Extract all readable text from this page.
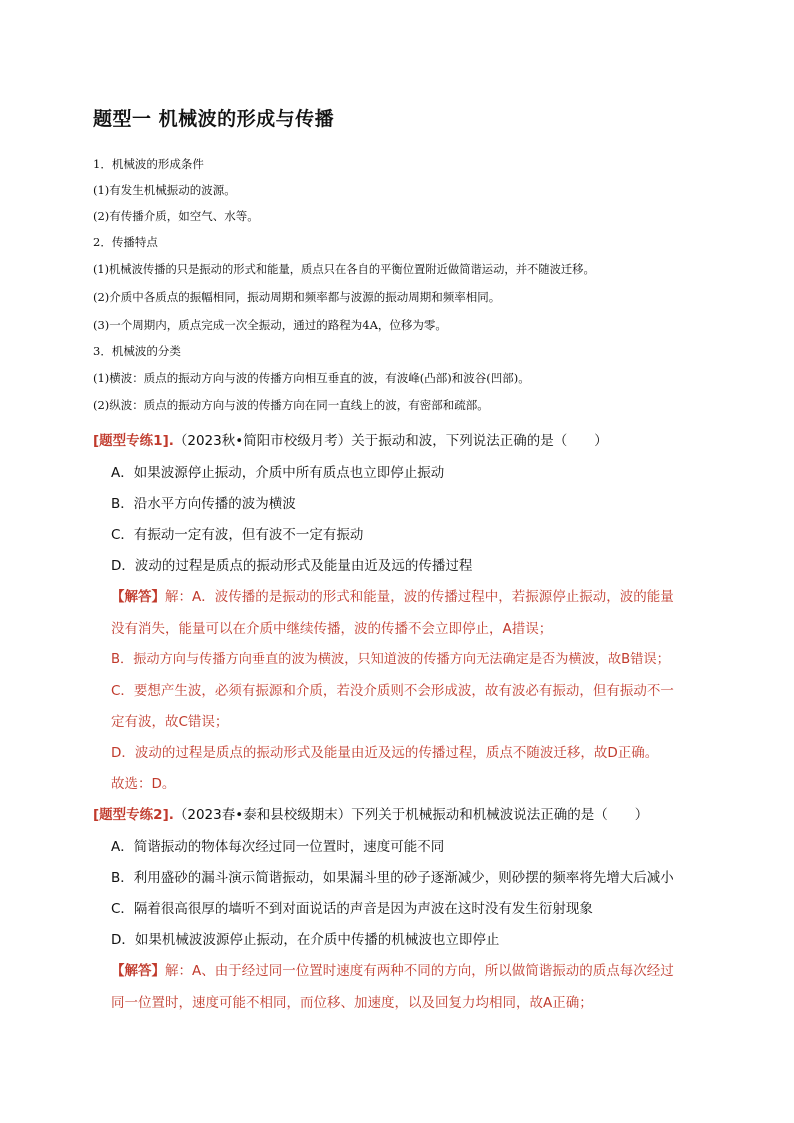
题型一 机械波的形成与传播
1．机械波的形成条件
(1)有发生机械振动的波源。
(2)有传播介质，如空气、水等。
2．传播特点
(1)机械波传播的只是振动的形式和能量，质点只在各自的平衡位置附近做简谐运动，并不随波迁移。
(2)介质中各质点的振幅相同，振动周期和频率都与波源的振动周期和频率相同。
(3)一个周期内，质点完成一次全振动，通过的路程为4A，位移为零。
3．机械波的分类
(1)横波：质点的振动方向与波的传播方向相互垂直的波，有波峰(凸部)和波谷(凹部)。
(2)纵波：质点的振动方向与波的传播方向在同一直线上的波，有密部和疏部。
[题型专练1].（2023秋•简阳市校级月考）关于振动和波，下列说法正确的是（　　）
A．如果波源停止振动，介质中所有质点也立即停止振动
B．沿水平方向传播的波为横波
C．有振动一定有波，但有波不一定有振动
D．波动的过程是质点的振动形式及能量由近及远的传播过程
【解答】解：A．波传播的是振动的形式和能量，波的传播过程中，若振源停止振动，波的能量
没有消失，能量可以在介质中继续传播，波的传播不会立即停止，A措误；
B．振动方向与传播方向垂直的波为横波，只知道波的传播方向无法确定是否为横波，故B错误；
C．要想产生波，必须有振源和介质，若没介质则不会形成波，故有波必有振动，但有振动不一
定有波，故C错误；
D．波动的过程是质点的振动形式及能量由近及远的传播过程，质点不随波迁移，故D正确。
故选：D。
[题型专练2].（2023春•泰和县校级期末）下列关于机械振动和机械波说法正确的是（　　）
A．简谐振动的物体每次经过同一位置时，速度可能不同
B．利用盛砂的漏斗演示简谐振动，如果漏斗里的砂子逐渐减少，则砂摆的频率将先增大后减小
C．隔着很高很厚的墙听不到对面说话的声音是因为声波在这时没有发生衍射现象
D．如果机械波波源停止振动，在介质中传播的机械波也立即停止
【解答】解：A、由于经过同一位置时速度有两种不同的方向，所以做简谐振动的质点每次经过
同一位置时，速度可能不相同，而位移、加速度，以及回复力均相同，故A正确；
